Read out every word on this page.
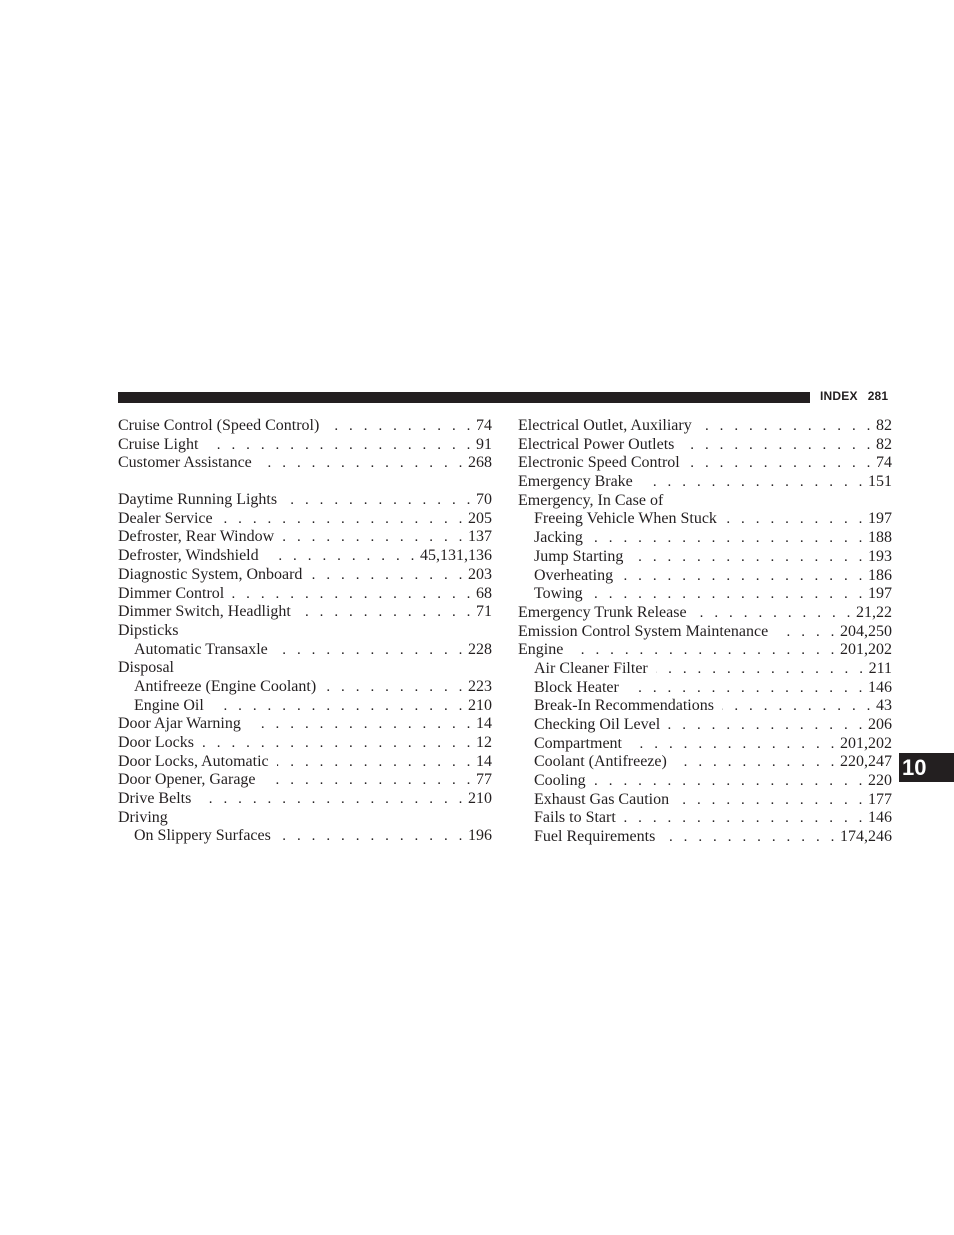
INDEX 281
Cruise Control (Speed Control) . . .	74
Cruise Light . . .	91
Customer Assistance . . .	268
Daytime Running Lights . . .	70
Dealer Service . . .	205
Defroster, Rear Window . . .	137
Defroster, Windshield . . .	45,131,136
Diagnostic System, Onboard . . .	203
Dimmer Control . . .	68
Dimmer Switch, Headlight . . .	71
Dipsticks
Automatic Transaxle . . .	228
Disposal
Antifreeze (Engine Coolant) . . .	223
Engine Oil . . .	210
Door Ajar Warning . . .	14
Door Locks . . .	12
Door Locks, Automatic . . .	14
Door Opener, Garage . . .	77
Drive Belts . . .	210
Driving
On Slippery Surfaces . . .	196
Electrical Outlet, Auxiliary . . .	82
Electrical Power Outlets . . .	82
Electronic Speed Control . . .	74
Emergency Brake . . .	151
Emergency, In Case of
Freeing Vehicle When Stuck . . .	197
Jacking . . .	188
Jump Starting . . .	193
Overheating . . .	186
Towing . . .	197
Emergency Trunk Release . . .	21,22
Emission Control System Maintenance . . .	204,250
Engine . . .	201,202
Air Cleaner Filter . . .	211
Block Heater . . .	146
Break-In Recommendations . . .	43
Checking Oil Level . . .	206
Compartment . . .	201,202
Coolant (Antifreeze) . . .	220,247
Cooling . . .	220
Exhaust Gas Caution . . .	177
Fails to Start . . .	146
Fuel Requirements . . .	174,246
10
